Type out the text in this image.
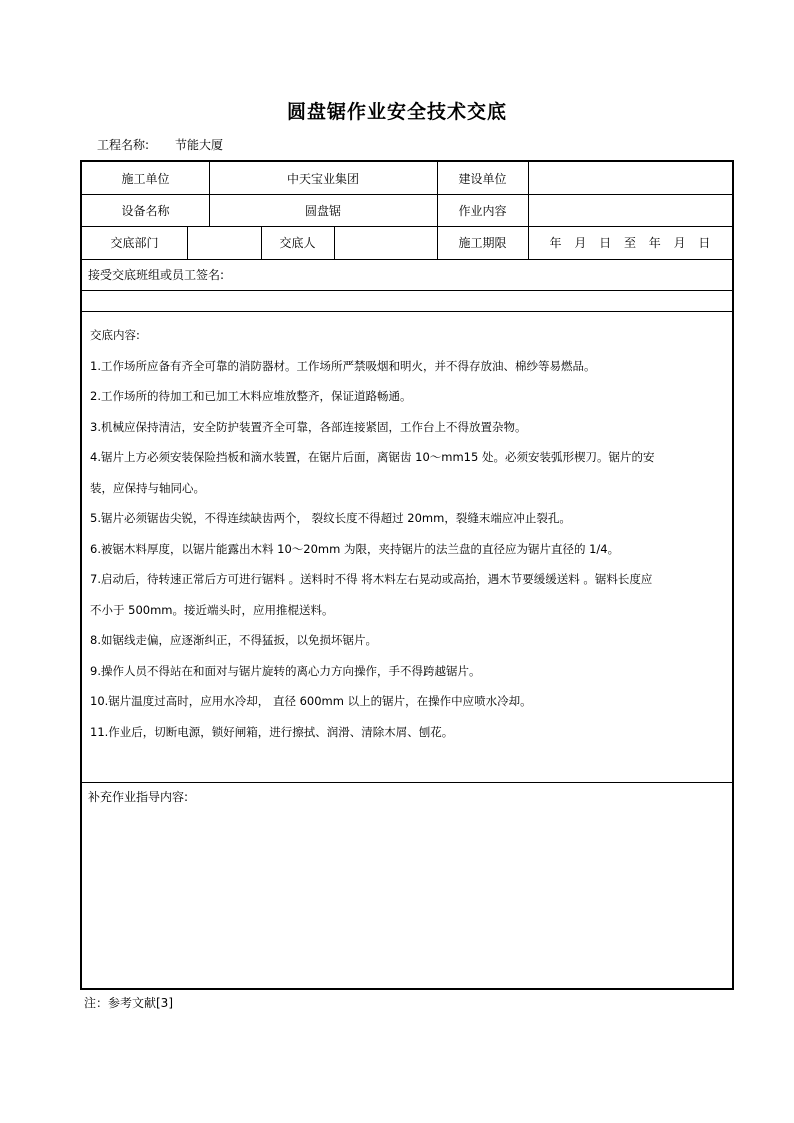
圆盘锯作业安全技术交底
工程名称: 节能大厦
施工单位	中天宝业集团	建设单位
设备名称	圆盘锯	作业内容
交底部门	交底人	施工期限	年 月 日 至 年 月 日
接受交底班组或员工签名:

交底内容:

1.工作场所应备有齐全可靠的消防器材。工作场所严禁吸烟和明火，并不得存放油、棉纱等易燃品。

2.工作场所的待加工和已加工木料应堆放整齐，保证道路畅通。

3.机械应保持清洁，安全防护装置齐全可靠，各部连接紧固，工作台上不得放置杂物。

4.锯片上方必须安装保险挡板和滴水装置，在锯片后面，离锯齿 10～mm15 处。必须安装弧形楔刀。锯片的安

装，应保持与轴同心。

5.锯片必须锯齿尖锐，不得连续缺齿两个， 裂纹长度不得超过 20mm，裂缝末端应冲止裂孔。

6.被锯木料厚度，以锯片能露出木料 10～20mm 为限，夹持锯片的法兰盘的直径应为锯片直径的 1/4。

7.启动后，待转速正常后方可进行锯料 。送料时不得 将木料左右晃动或高抬，遇木节要缓缓送料 。锯料长度应

不小于 500mm。接近端头时，应用推棍送料。

8.如锯线走偏，应逐渐纠正，不得猛扳，以免损坏锯片。

9.操作人员不得站在和面对与锯片旋转的离心力方向操作，手不得跨越锯片。

10.锯片温度过高时，应用水冷却， 直径 600mm 以上的锯片，在操作中应喷水冷却。

11.作业后，切断电源，锁好闸箱，进行擦拭、润滑、清除木屑、刨花。

补充作业指导内容:
注：参考文献[3]
